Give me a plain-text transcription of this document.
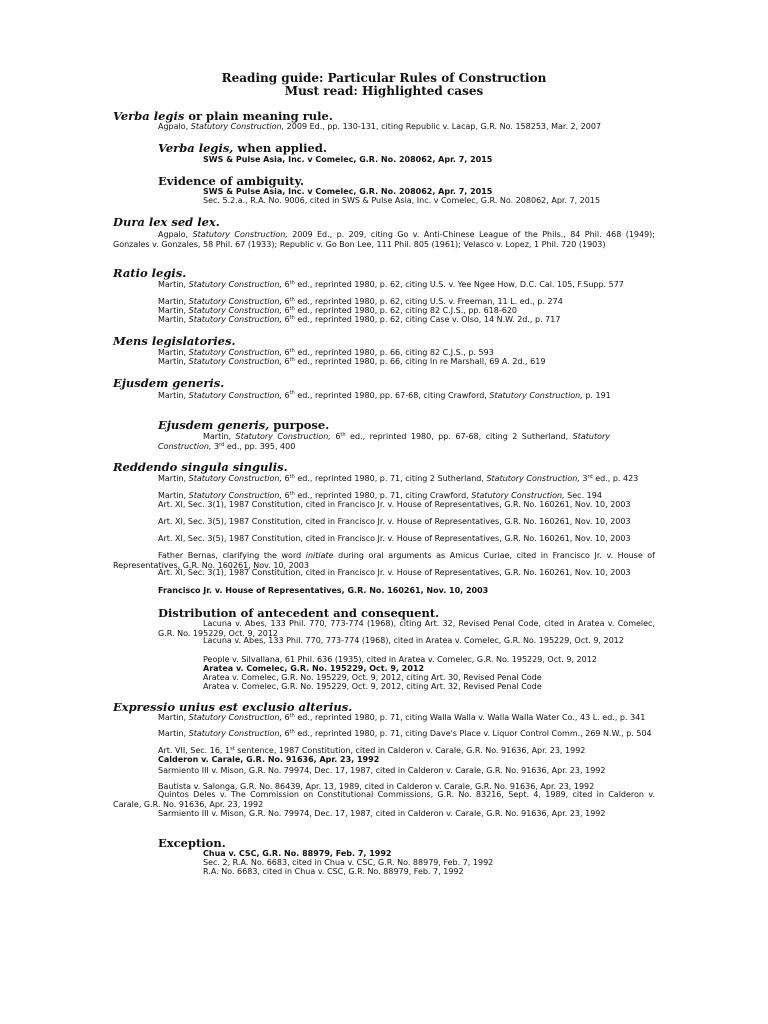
Reading guide: Particular Rules of Construction
Must read: Highlighted cases
Verba legis or plain meaning rule.
Agpalo, Statutory Construction, 2009 Ed., pp. 130-131, citing Republic v. Lacap, G.R. No. 158253, Mar. 2, 2007
Verba legis, when applied.
SWS & Pulse Asia, Inc. v Comelec, G.R. No. 208062, Apr. 7, 2015
Evidence of ambiguity.
SWS & Pulse Asia, Inc. v Comelec, G.R. No. 208062, Apr. 7, 2015
Sec. 5.2.a., R.A. No. 9006, cited in SWS & Pulse Asia, Inc. v Comelec, G.R. No. 208062, Apr. 7, 2015
Dura lex sed lex.
Agpalo, Statutory Construction, 2009 Ed., p. 209, citing Go v. Anti-Chinese League of the Phils., 84 Phil. 468 (1949); Gonzales v. Gonzales, 58 Phil. 67 (1933); Republic v. Go Bon Lee, 111 Phil. 805 (1961); Velasco v. Lopez, 1 Phil. 720 (1903)
Ratio legis.
Martin, Statutory Construction, 6th ed., reprinted 1980, p. 62, citing U.S. v. Yee Ngee How, D.C. Cal. 105, F.Supp. 577
Martin, Statutory Construction, 6th ed., reprinted 1980, p. 62, citing U.S. v. Freeman, 11 L. ed., p. 274
Martin, Statutory Construction, 6th ed., reprinted 1980, p. 62, citing 82 C.J.S., pp. 618-620
Martin, Statutory Construction, 6th ed., reprinted 1980, p. 62, citing Case v. Olso, 14 N.W. 2d., p. 717
Mens legislatories.
Martin, Statutory Construction, 6th ed., reprinted 1980, p. 66, citing 82 C.J.S., p. 593
Martin, Statutory Construction, 6th ed., reprinted 1980, p. 66, citing In re Marshall, 69 A. 2d., 619
Ejusdem generis.
Martin, Statutory Construction, 6th ed., reprinted 1980, pp. 67-68, citing Crawford, Statutory Construction, p. 191
Ejusdem generis, purpose.
Martin, Statutory Construction, 6th ed., reprinted 1980, pp. 67-68, citing 2 Sutherland, Statutory Construction, 3rd ed., pp. 395, 400
Reddendo singula singulis.
Martin, Statutory Construction, 6th ed., reprinted 1980, p. 71, citing 2 Sutherland, Statutory Construction, 3rd ed., p. 423
Martin, Statutory Construction, 6th ed., reprinted 1980, p. 71, citing Crawford, Statutory Construction, Sec. 194
Art. XI, Sec. 3(1), 1987 Constitution, cited in Francisco Jr. v. House of Representatives, G.R. No. 160261, Nov. 10, 2003
Art. XI, Sec. 3(5), 1987 Constitution, cited in Francisco Jr. v. House of Representatives, G.R. No. 160261, Nov. 10, 2003
Art. XI, Sec. 3(5), 1987 Constitution, cited in Francisco Jr. v. House of Representatives, G.R. No. 160261, Nov. 10, 2003
Father Bernas, clarifying the word initiate during oral arguments as Amicus Curiae, cited in Francisco Jr. v. House of Representatives, G.R. No. 160261, Nov. 10, 2003
Art. XI, Sec. 3(1), 1987 Constitution, cited in Francisco Jr. v. House of Representatives, G.R. No. 160261, Nov. 10, 2003
Francisco Jr. v. House of Representatives, G.R. No. 160261, Nov. 10, 2003
Distribution of antecedent and consequent.
Lacuna v. Abes, 133 Phil. 770, 773-774 (1968), citing Art. 32, Revised Penal Code, cited in Aratea v. Comelec, G.R. No. 195229, Oct. 9, 2012
Lacuna v. Abes, 133 Phil. 770, 773-774 (1968), cited in Aratea v. Comelec, G.R. No. 195229, Oct. 9, 2012
People v. Silvallana, 61 Phil. 636 (1935), cited in Aratea v. Comelec, G.R. No. 195229, Oct. 9, 2012
Aratea v. Comelec, G.R. No. 195229, Oct. 9, 2012
Aratea v. Comelec, G.R. No. 195229, Oct. 9, 2012, citing Art. 30, Revised Penal Code
Aratea v. Comelec, G.R. No. 195229, Oct. 9, 2012, citing Art. 32, Revised Penal Code
Expressio unius est exclusio alterius.
Martin, Statutory Construction, 6th ed., reprinted 1980, p. 71, citing Walla Walla v. Walla Walla Water Co., 43 L. ed., p. 341
Martin, Statutory Construction, 6th ed., reprinted 1980, p. 71, citing Dave's Place v. Liquor Control Comm., 269 N.W., p. 504
Art. VII, Sec. 16, 1st sentence, 1987 Constitution, cited in Calderon v. Carale, G.R. No. 91636, Apr. 23, 1992
Calderon v. Carale, G.R. No. 91636, Apr. 23, 1992
Sarmiento III v. Mison, G.R. No. 79974, Dec. 17, 1987, cited in Calderon v. Carale, G.R. No. 91636, Apr. 23, 1992
Bautista v. Salonga, G.R. No. 86439, Apr. 13, 1989, cited in Calderon v. Carale, G.R. No. 91636, Apr. 23, 1992
Quintos Deles v. The Commission on Constitutional Commissions, G.R. No. 83216, Sept. 4, 1989, cited in Calderon v. Carale, G.R. No. 91636, Apr. 23, 1992
Sarmiento III v. Mison, G.R. No. 79974, Dec. 17, 1987, cited in Calderon v. Carale, G.R. No. 91636, Apr. 23, 1992
Exception.
Chua v. CSC, G.R. No. 88979, Feb. 7, 1992
Sec. 2, R.A. No. 6683, cited in Chua v. CSC, G.R. No. 88979, Feb. 7, 1992
R.A. No. 6683, cited in Chua v. CSC, G.R. No. 88979, Feb. 7, 1992
